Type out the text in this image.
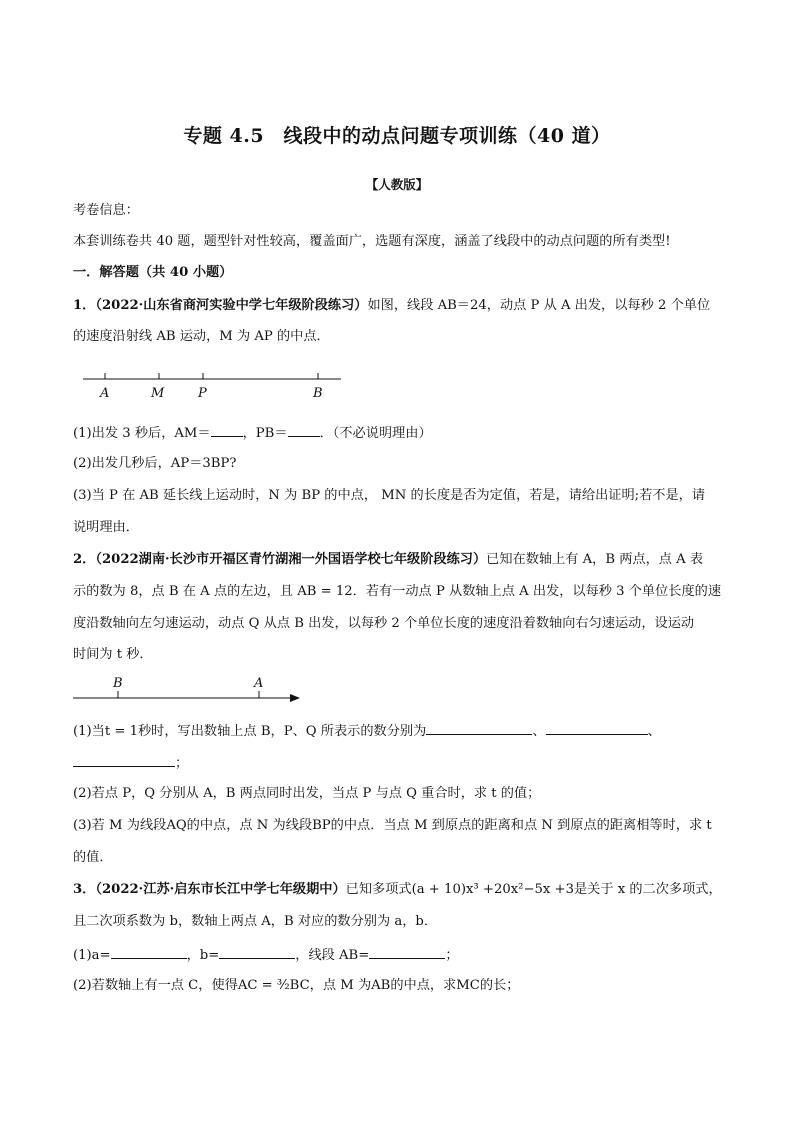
专题 4.5　线段中的动点问题专项训练（40 道）
【人教版】
考卷信息：
本套训练卷共 40 题，题型针对性较高，覆盖面广，选题有深度，涵盖了线段中的动点问题的所有类型!
一．解答题（共 40 小题）
1．（2022·山东省商河实验中学七年级阶段练习）如图，线段 AB＝24，动点 P 从 A 出发，以每秒 2 个单位
的速度沿射线 AB 运动，M 为 AP 的中点．
A	M	P	B
(1)出发 3 秒后，AM＝ ，PB＝ ．（不必说明理由）
(2)出发几秒后，AP＝3BP?
(3)当 P 在 AB 延长线上运动时，N 为 BP 的中点， MN 的长度是否为定值，若是，请给出证明;若不是，请
说明理由．
2．（2022湖南·长沙市开福区青竹湖湘一外国语学校七年级阶段练习）已知在数轴上有 A，B 两点，点 A 表
示的数为 8，点 B 在 A 点的左边，且 AB = 12．若有一动点 P 从数轴上点 A 出发，以每秒 3 个单位长度的速
度沿数轴向左匀速运动，动点 Q 从点 B 出发，以每秒 2 个单位长度的速度沿着数轴向右匀速运动，设运动
时间为 t 秒．
B	A
(1)当t = 1秒时，写出数轴上点 B，P、Q 所表示的数分别为	、	、
；
(2)若点 P，Q 分别从 A，B 两点同时出发，当点 P 与点 Q 重合时，求 t 的值；
(3)若 M 为线段AQ的中点，点 N 为线段BP的中点．当点 M 到原点的距离和点 N 到原点的距离相等时，求 t
的值．
3．（2022·江苏·启东市长江中学七年级期中）已知多项式(a + 10)x³ +20x²−5x +3是关于 x 的二次多项式，
且二次项系数为 b，数轴上两点 A，B 对应的数分别为 a，b．
(1)a=	，b=	，线段 AB=	；
(2)若数轴上有一点 C，使得AC = ³⁄₂BC，点 M 为AB的中点，求MC的长；
